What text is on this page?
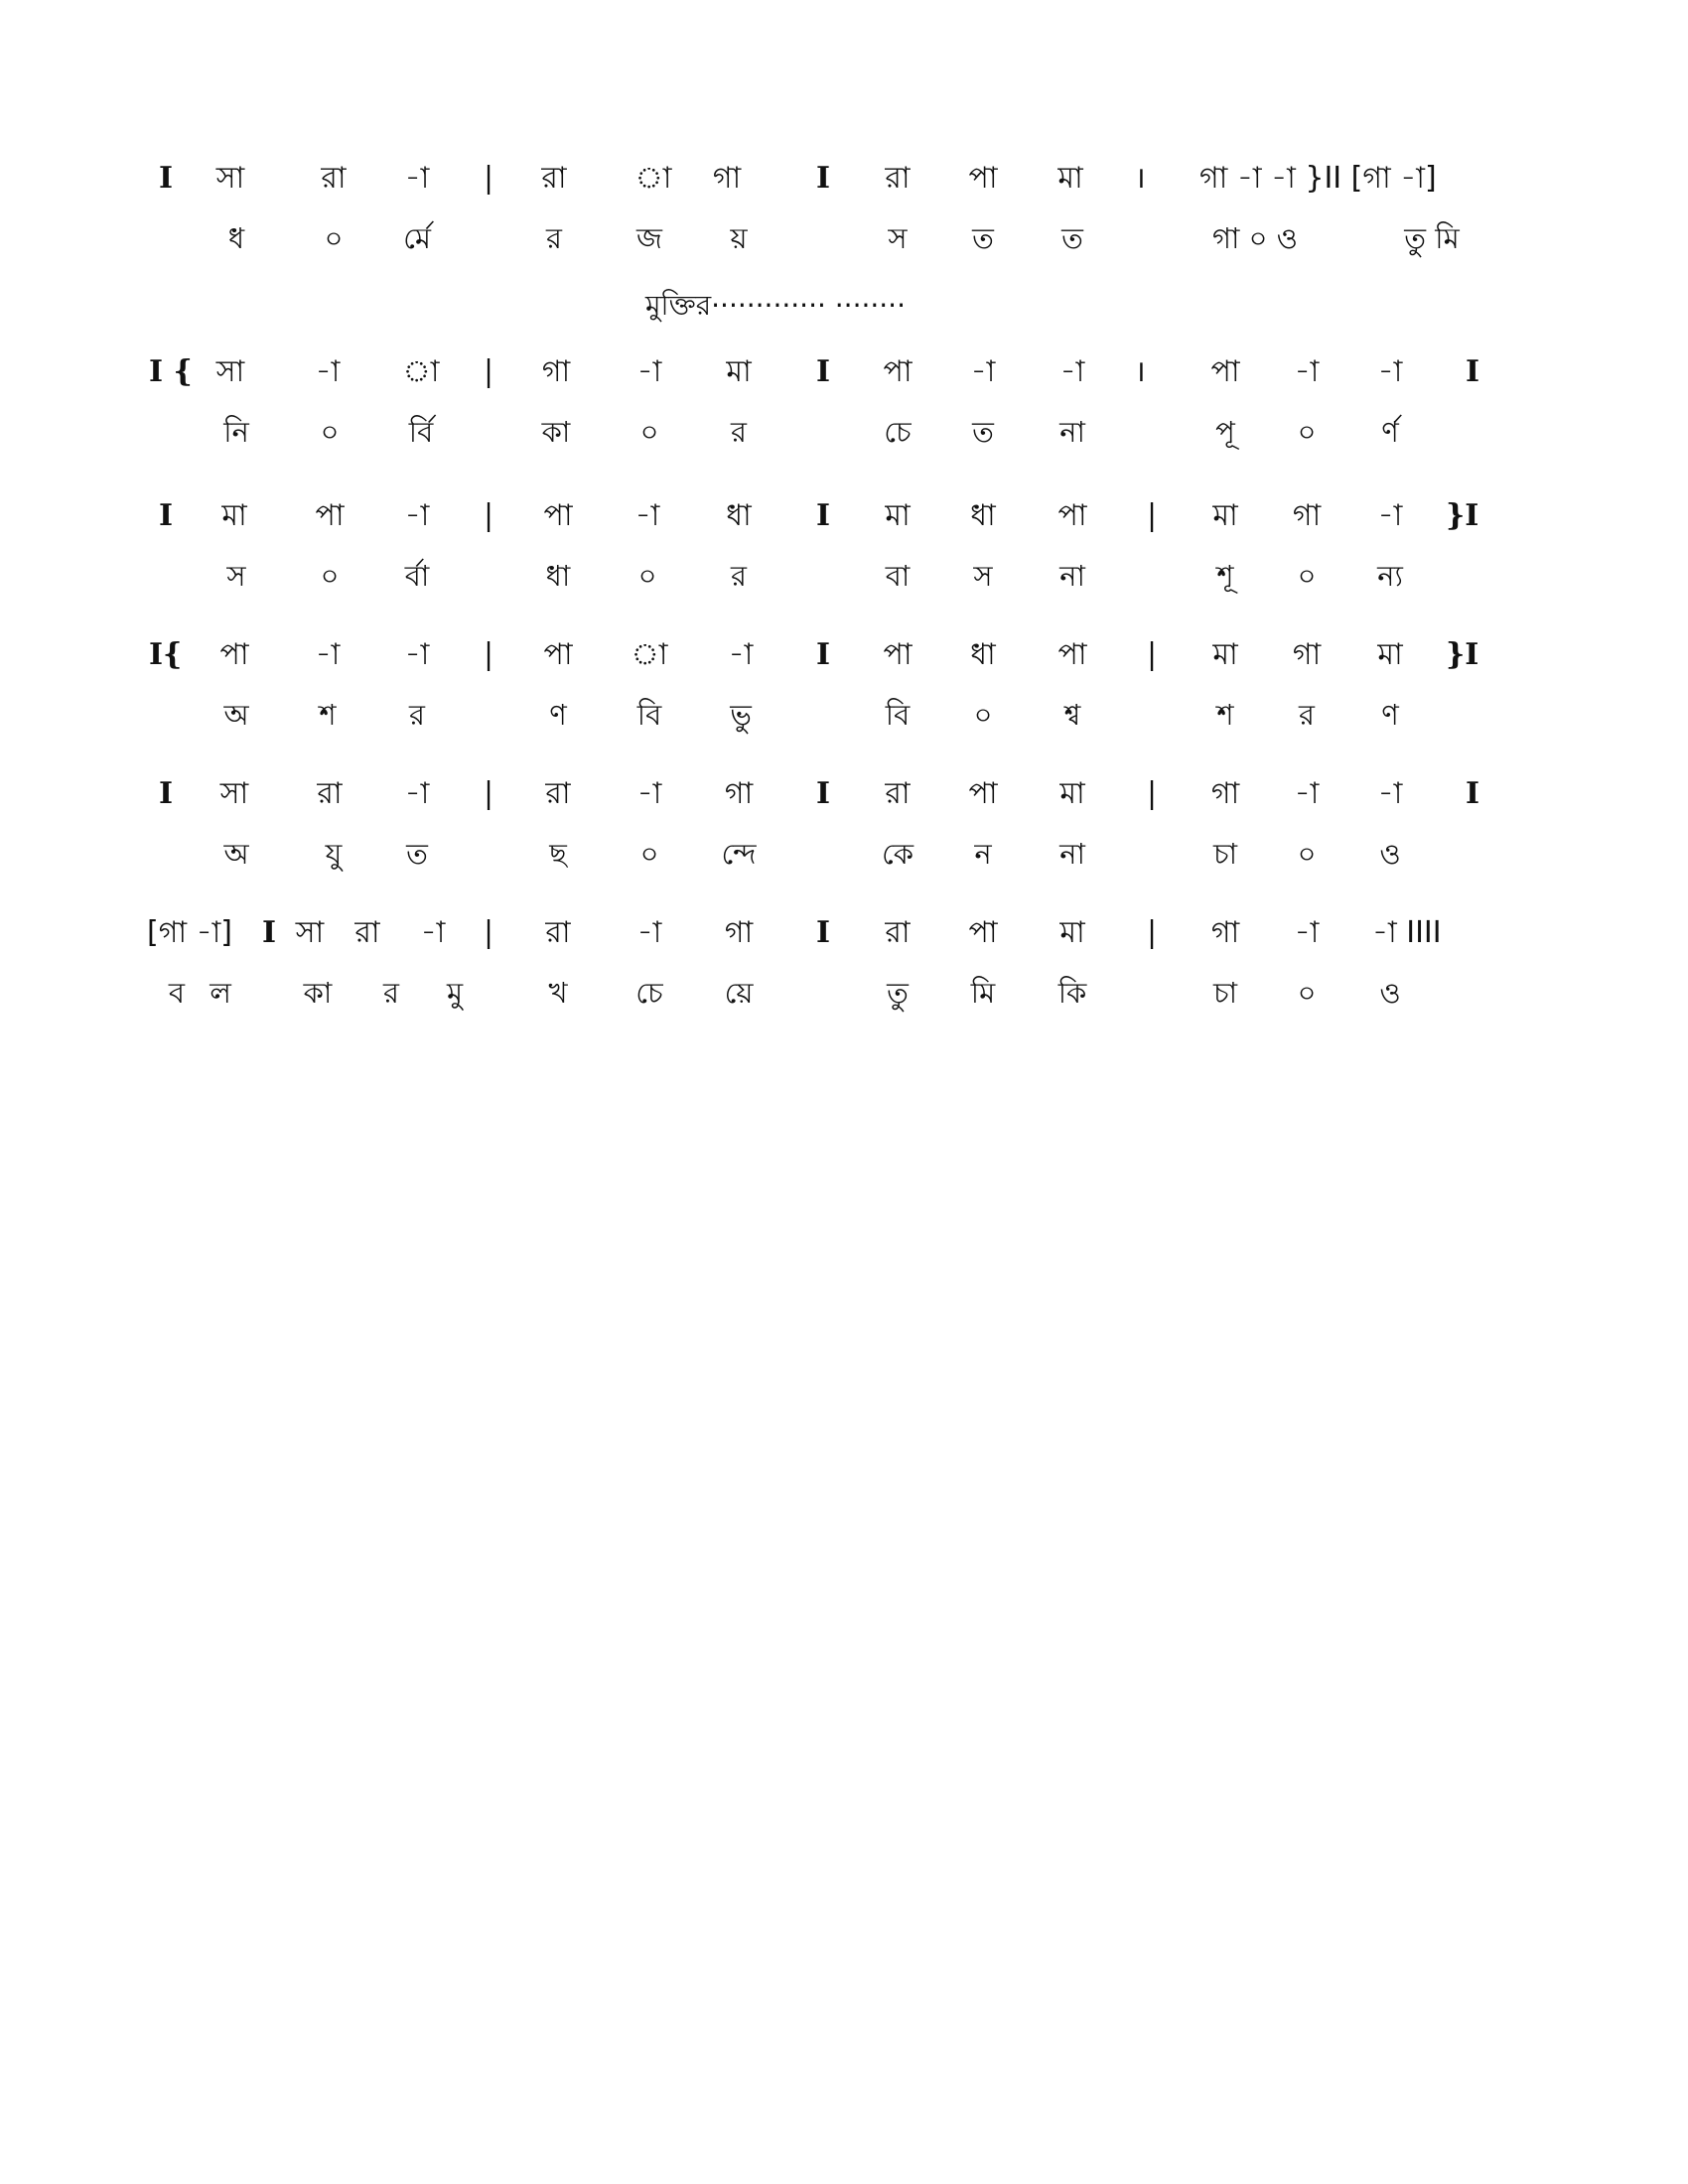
I সা	রা -া | রা া গা	I রা পা মা । গা -া -া }II [গা -া]
ধ	০ র্মে	র	জ য়	স ত ত	গা ০ ও	তু মি
I { সা -া া | গা -া মা I পা -া -া । পা -া -া I
নি ০ র্বি	কা ০	র	চে ত না	পূ ০ র্ণ
I মা পা -া | পা -া ধা I মা ধা পা | মা গা -া }I
স	০ র্বা	ধা ০	র	বা স না	শূ ০ ন্য
I{ পা -া -া | পা া -া I পা ধা পা | মা গা মা }I
অ শ	র	ণ বি ভু	বি ০ শ্ব	শ র ণ
I সা রা -া | রা -া গা I রা পা মা | গা -া -া I
অ	যু ত	ছ	০ ন্দে	কে ন না	চা ০ ও
[গা -া] I সা রা -া | রা -া গা I রা পা মা | গা -া -া IIII
ব ল	কা র মু	খ চে য়ে	তু মি কি	চা ০ ও
মুক্তির············· ········
